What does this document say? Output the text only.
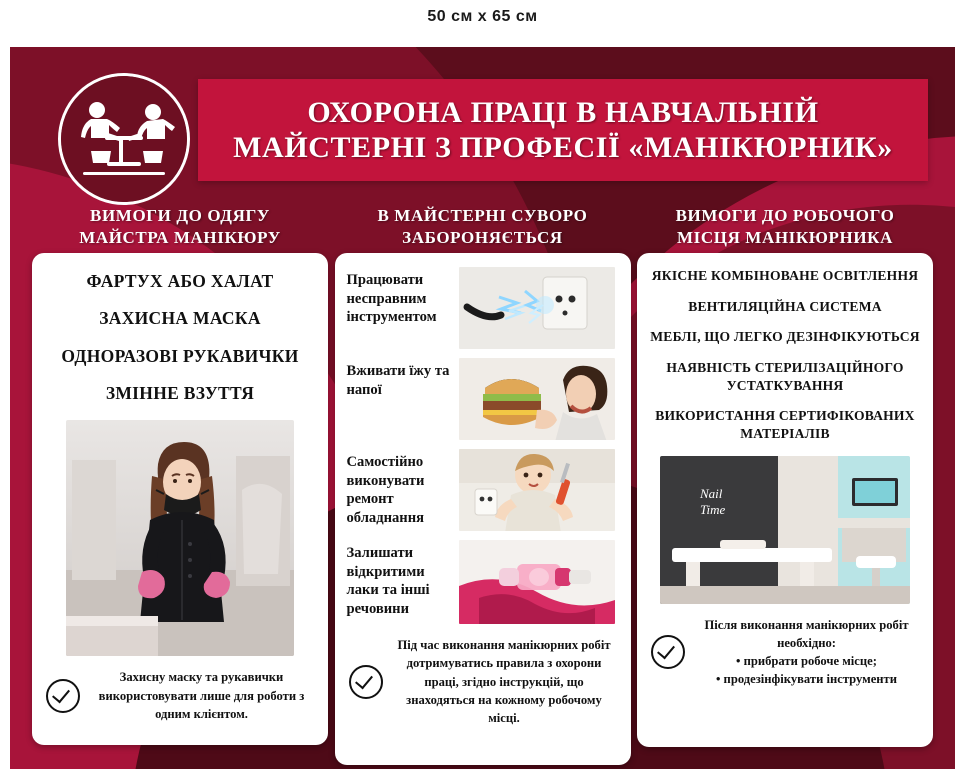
50 см х 65 см
ОХОРОНА ПРАЦІ В НАВЧАЛЬНІЙ
МАЙСТЕРНІ З ПРОФЕСІЇ «МАНІКЮРНИК»
ВИМОГИ ДО ОДЯГУ
МАЙСТРА МАНІКЮРУ
ФАРТУХ АБО ХАЛАТ
ЗАХИСНА МАСКА
ОДНОРАЗОВІ РУКАВИЧКИ
ЗМІННЕ ВЗУТТЯ
Захисну маску та рукавички використовувати лише для роботи з одним клієнтом.
В МАЙСТЕРНІ СУВОРО
ЗАБОРОНЯЄТЬСЯ
Працювати несправним інструментом
Вживати їжу та напої
Самостійно виконувати ремонт обладнання
Залишати відкритими лаки та інші речовини
Під час виконання манікюрних робіт дотримуватись правила з охорони праці, згідно інструкцій, що знаходяться на кожному робочому місці.
ВИМОГИ ДО РОБОЧОГО
МІСЦЯ МАНІКЮРНИКА
ЯКІСНЕ КОМБІНОВАНЕ ОСВІТЛЕННЯ
ВЕНТИЛЯЦІЙНА СИСТЕМА
МЕБЛІ, ЩО ЛЕГКО ДЕЗІНФІКУЮТЬСЯ
НАЯВНІСТЬ СТЕРИЛІЗАЦІЙНОГО УСТАТКУВАННЯ
ВИКОРИСТАННЯ СЕРТИФІКОВАНИХ МАТЕРІАЛІВ
Nail
Time
Після виконання манікюрних робіт необхідно:
• прибрати робоче місце;
• продезінфікувати інструменти
